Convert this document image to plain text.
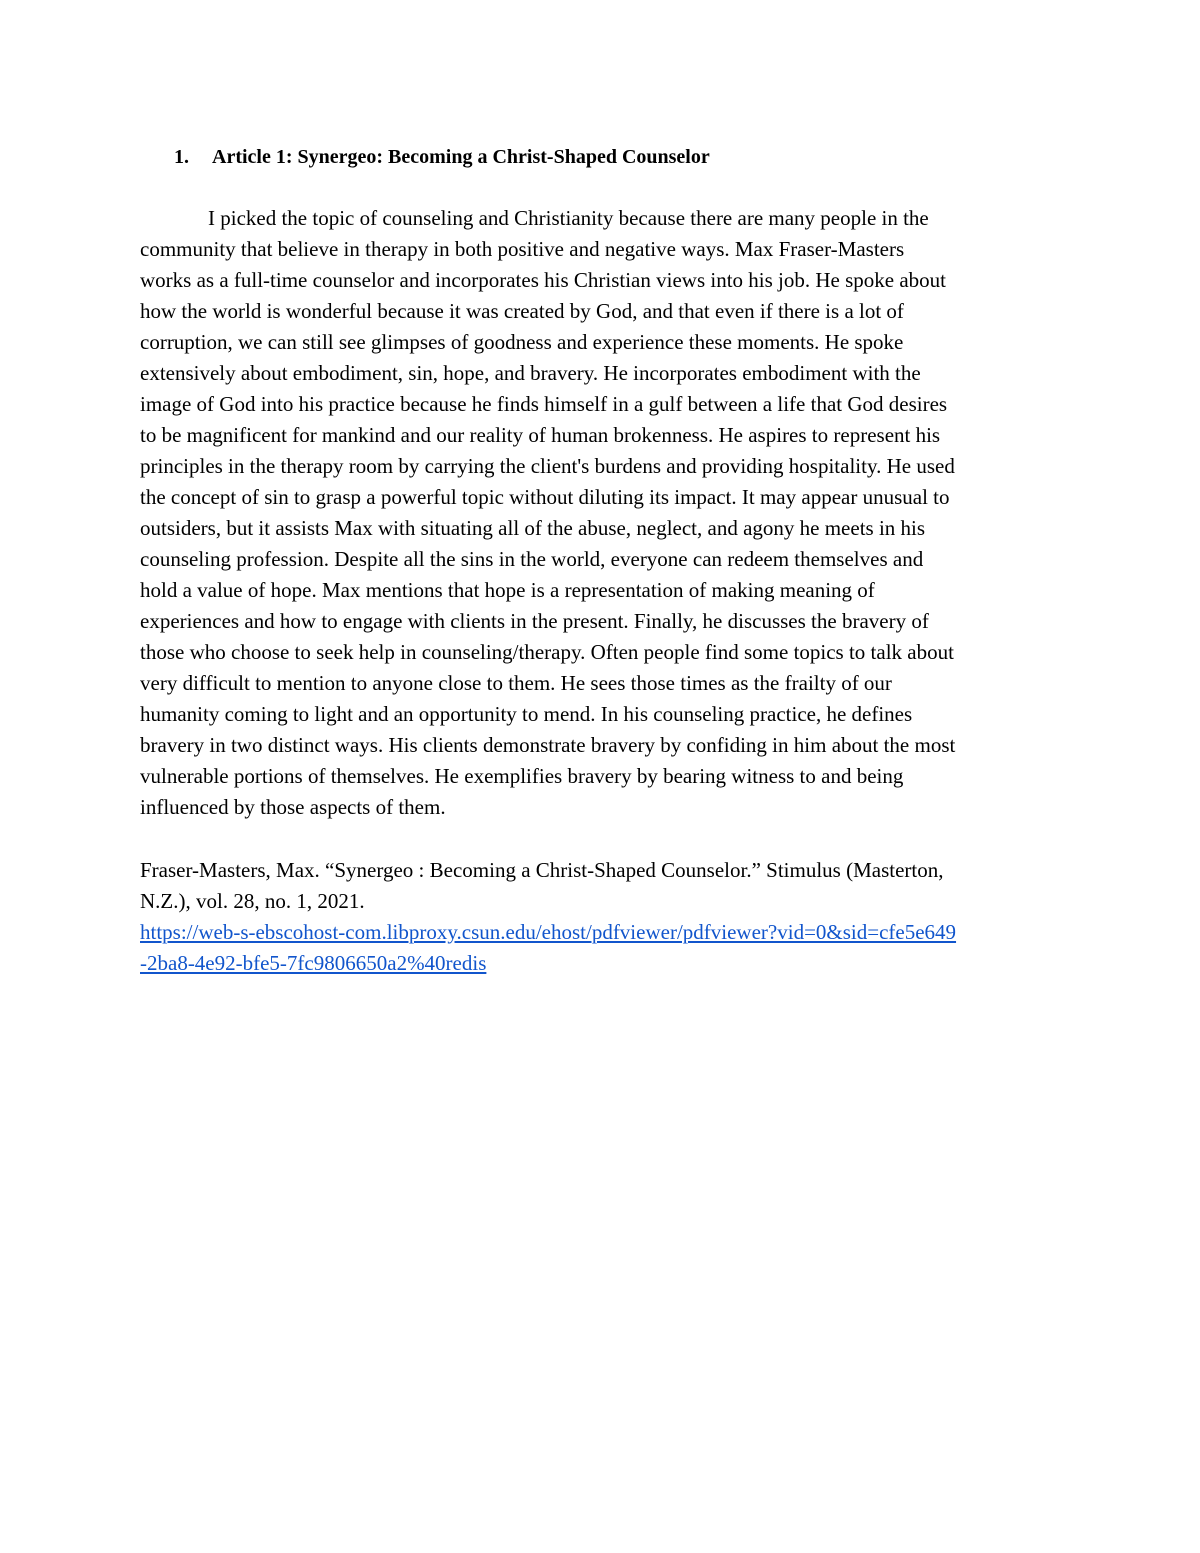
1. Article 1: Synergeo: Becoming a Christ-Shaped Counselor
I picked the topic of counseling and Christianity because there are many people in the
community that believe in therapy in both positive and negative ways. Max Fraser-Masters
works as a full-time counselor and incorporates his Christian views into his job. He spoke about
how the world is wonderful because it was created by God, and that even if there is a lot of
corruption, we can still see glimpses of goodness and experience these moments. He spoke
extensively about embodiment, sin, hope, and bravery. He incorporates embodiment with the
image of God into his practice because he finds himself in a gulf between a life that God desires
to be magnificent for mankind and our reality of human brokenness. He aspires to represent his
principles in the therapy room by carrying the client's burdens and providing hospitality. He used
the concept of sin to grasp a powerful topic without diluting its impact. It may appear unusual to
outsiders, but it assists Max with situating all of the abuse, neglect, and agony he meets in his
counseling profession. Despite all the sins in the world, everyone can redeem themselves and
hold a value of hope. Max mentions that hope is a representation of making meaning of
experiences and how to engage with clients in the present. Finally, he discusses the bravery of
those who choose to seek help in counseling/therapy. Often people find some topics to talk about
very difficult to mention to anyone close to them. He sees those times as the frailty of our
humanity coming to light and an opportunity to mend. In his counseling practice, he defines
bravery in two distinct ways. His clients demonstrate bravery by confiding in him about the most
vulnerable portions of themselves. He exemplifies bravery by bearing witness to and being
influenced by those aspects of them.
Fraser-Masters, Max. “Synergeo : Becoming a Christ-Shaped Counselor.” Stimulus (Masterton,
N.Z.), vol. 28, no. 1, 2021.
https://web-s-ebscohost-com.libproxy.csun.edu/ehost/pdfviewer/pdfviewer?vid=0&sid=cfe5e649
-2ba8-4e92-bfe5-7fc9806650a2%40redis
